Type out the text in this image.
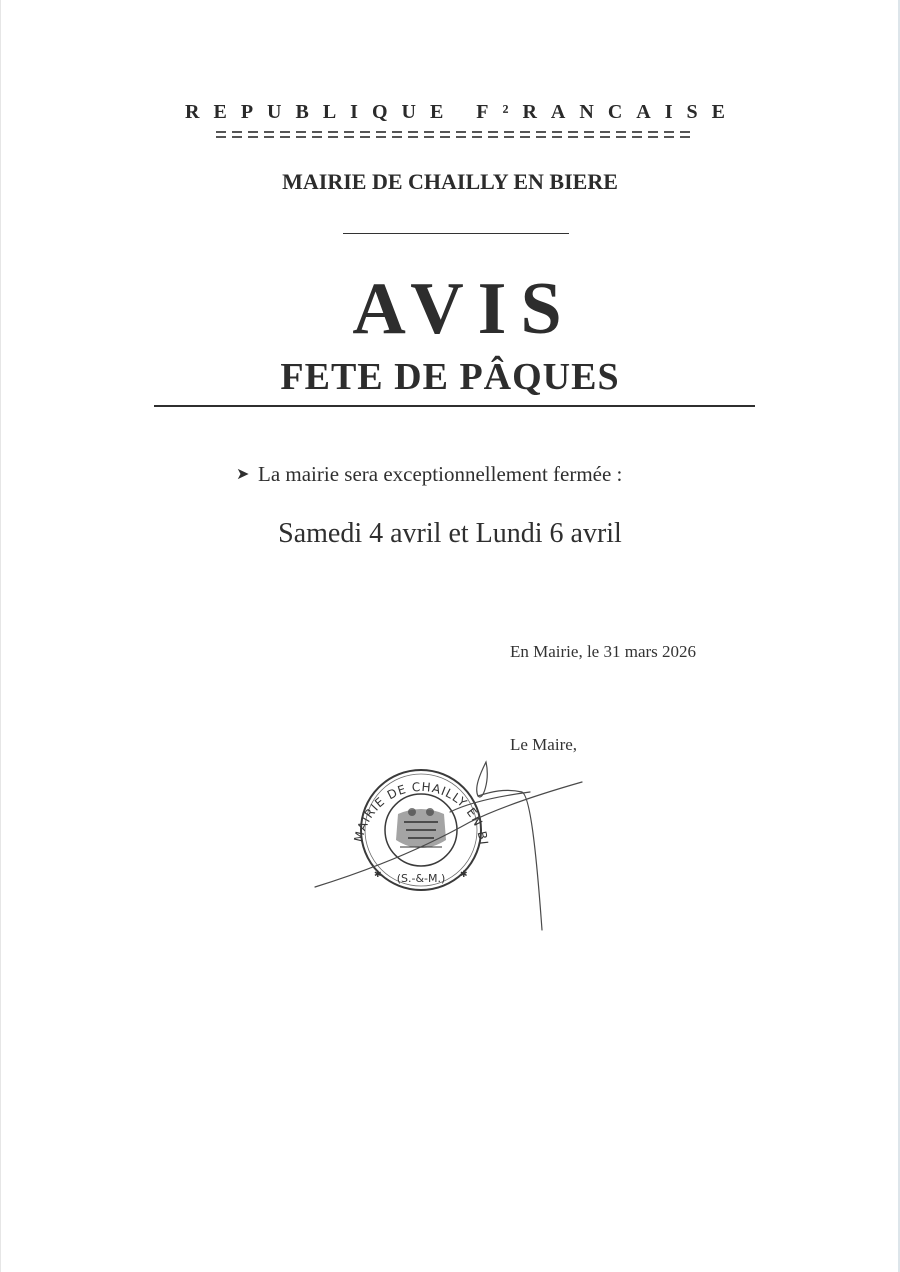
REPUBLIQUE F²RANCAISE
MAIRIE DE CHAILLY EN BIERE
AVIS
FETE DE PÂQUES
➤ La mairie sera exceptionnellement fermée :
Samedi 4 avril et Lundi 6 avril
En Mairie, le 31 mars 2026
Le Maire,
MAIRIE DE CHAILLY EN BI
(S.-&-M.)
✱	✱
